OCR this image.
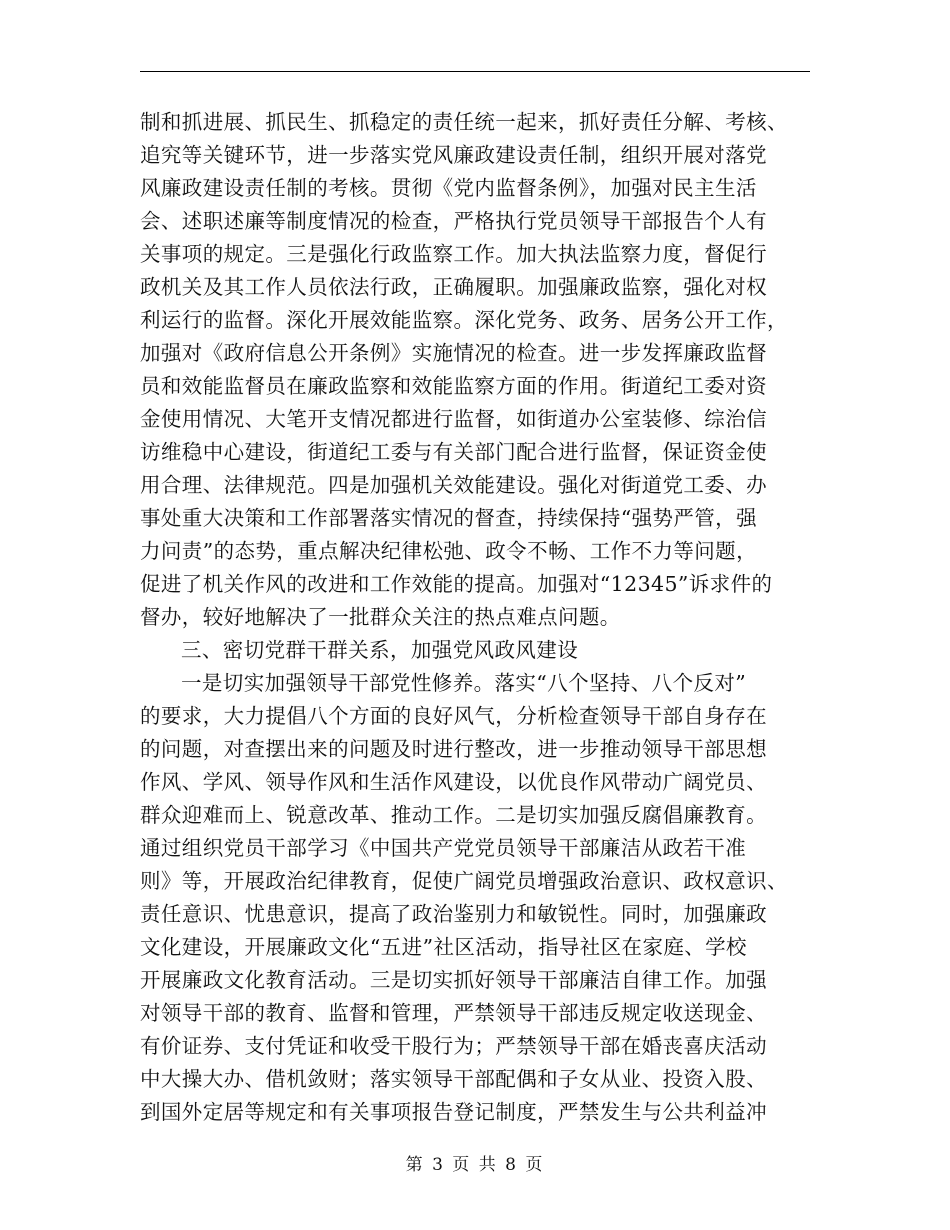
制和抓进展、抓民生、抓稳定的责任统一起来，抓好责任分解、考核、
追究等关键环节，进一步落实党风廉政建设责任制，组织开展对落党
风廉政建设责任制的考核。贯彻《党内监督条例》，加强对民主生活
会、述职述廉等制度情况的检查，严格执行党员领导干部报告个人有
关事项的规定。三是强化行政监察工作。加大执法监察力度，督促行
政机关及其工作人员依法行政，正确履职。加强廉政监察，强化对权
利运行的监督。深化开展效能监察。深化党务、政务、居务公开工作，
加强对《政府信息公开条例》实施情况的检查。进一步发挥廉政监督
员和效能监督员在廉政监察和效能监察方面的作用。街道纪工委对资
金使用情况、大笔开支情况都进行监督，如街道办公室装修、综治信
访维稳中心建设，街道纪工委与有关部门配合进行监督，保证资金使
用合理、法律规范。四是加强机关效能建设。强化对街道党工委、办
事处重大决策和工作部署落实情况的督查，持续保持“强势严管，强
力问责”的态势，重点解决纪律松弛、政令不畅、工作不力等问题，
促进了机关作风的改进和工作效能的提高。加强对“12345”诉求件的
督办，较好地解决了一批群众关注的热点难点问题。
三、密切党群干群关系，加强党风政风建设
一是切实加强领导干部党性修养。落实“八个坚持、八个反对”
的要求，大力提倡八个方面的良好风气，分析检查领导干部自身存在
的问题，对查摆出来的问题及时进行整改，进一步推动领导干部思想
作风、学风、领导作风和生活作风建设，以优良作风带动广阔党员、
群众迎难而上、锐意改革、推动工作。二是切实加强反腐倡廉教育。
通过组织党员干部学习《中国共产党党员领导干部廉洁从政若干准
则》等，开展政治纪律教育，促使广阔党员增强政治意识、政权意识、
责任意识、忧患意识，提高了政治鉴别力和敏锐性。同时，加强廉政
文化建设，开展廉政文化“五进”社区活动，指导社区在家庭、学校
开展廉政文化教育活动。三是切实抓好领导干部廉洁自律工作。加强
对领导干部的教育、监督和管理，严禁领导干部违反规定收送现金、
有价证券、支付凭证和收受干股行为；严禁领导干部在婚丧喜庆活动
中大操大办、借机敛财；落实领导干部配偶和子女从业、投资入股、
到国外定居等规定和有关事项报告登记制度，严禁发生与公共利益冲
第 3 页 共 8 页
